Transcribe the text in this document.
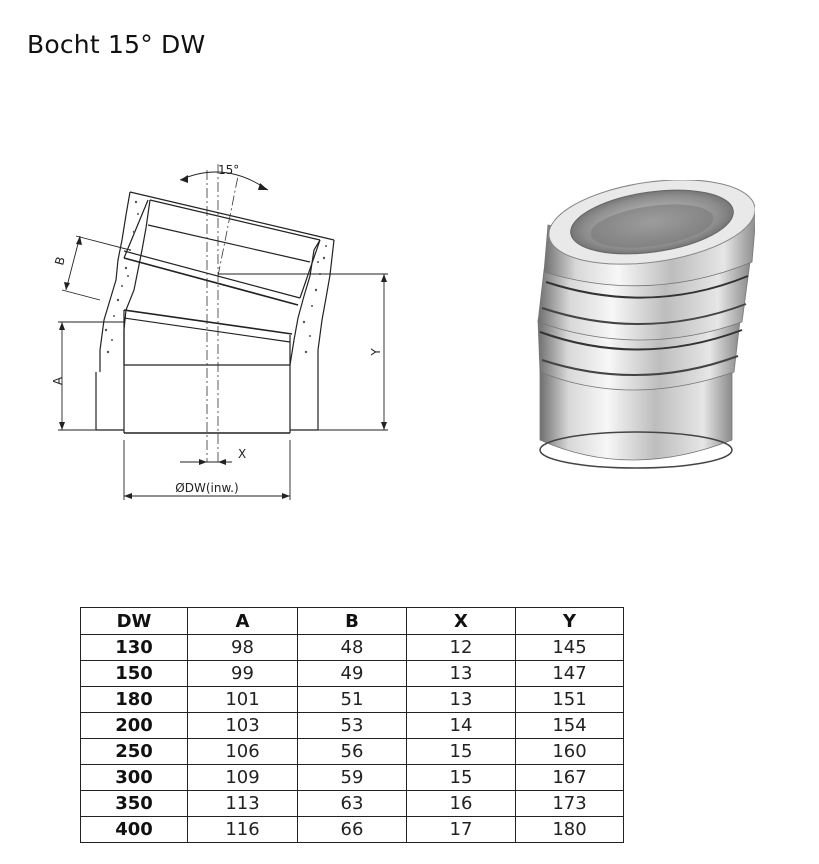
Bocht 15° DW
15°
A
B
Y
X
ØDW(inw.)
DW	A	B	X	Y
130	98	48	12	145
150	99	49	13	147
180	101	51	13	151
200	103	53	14	154
250	106	56	15	160
300	109	59	15	167
350	113	63	16	173
400	116	66	17	180
